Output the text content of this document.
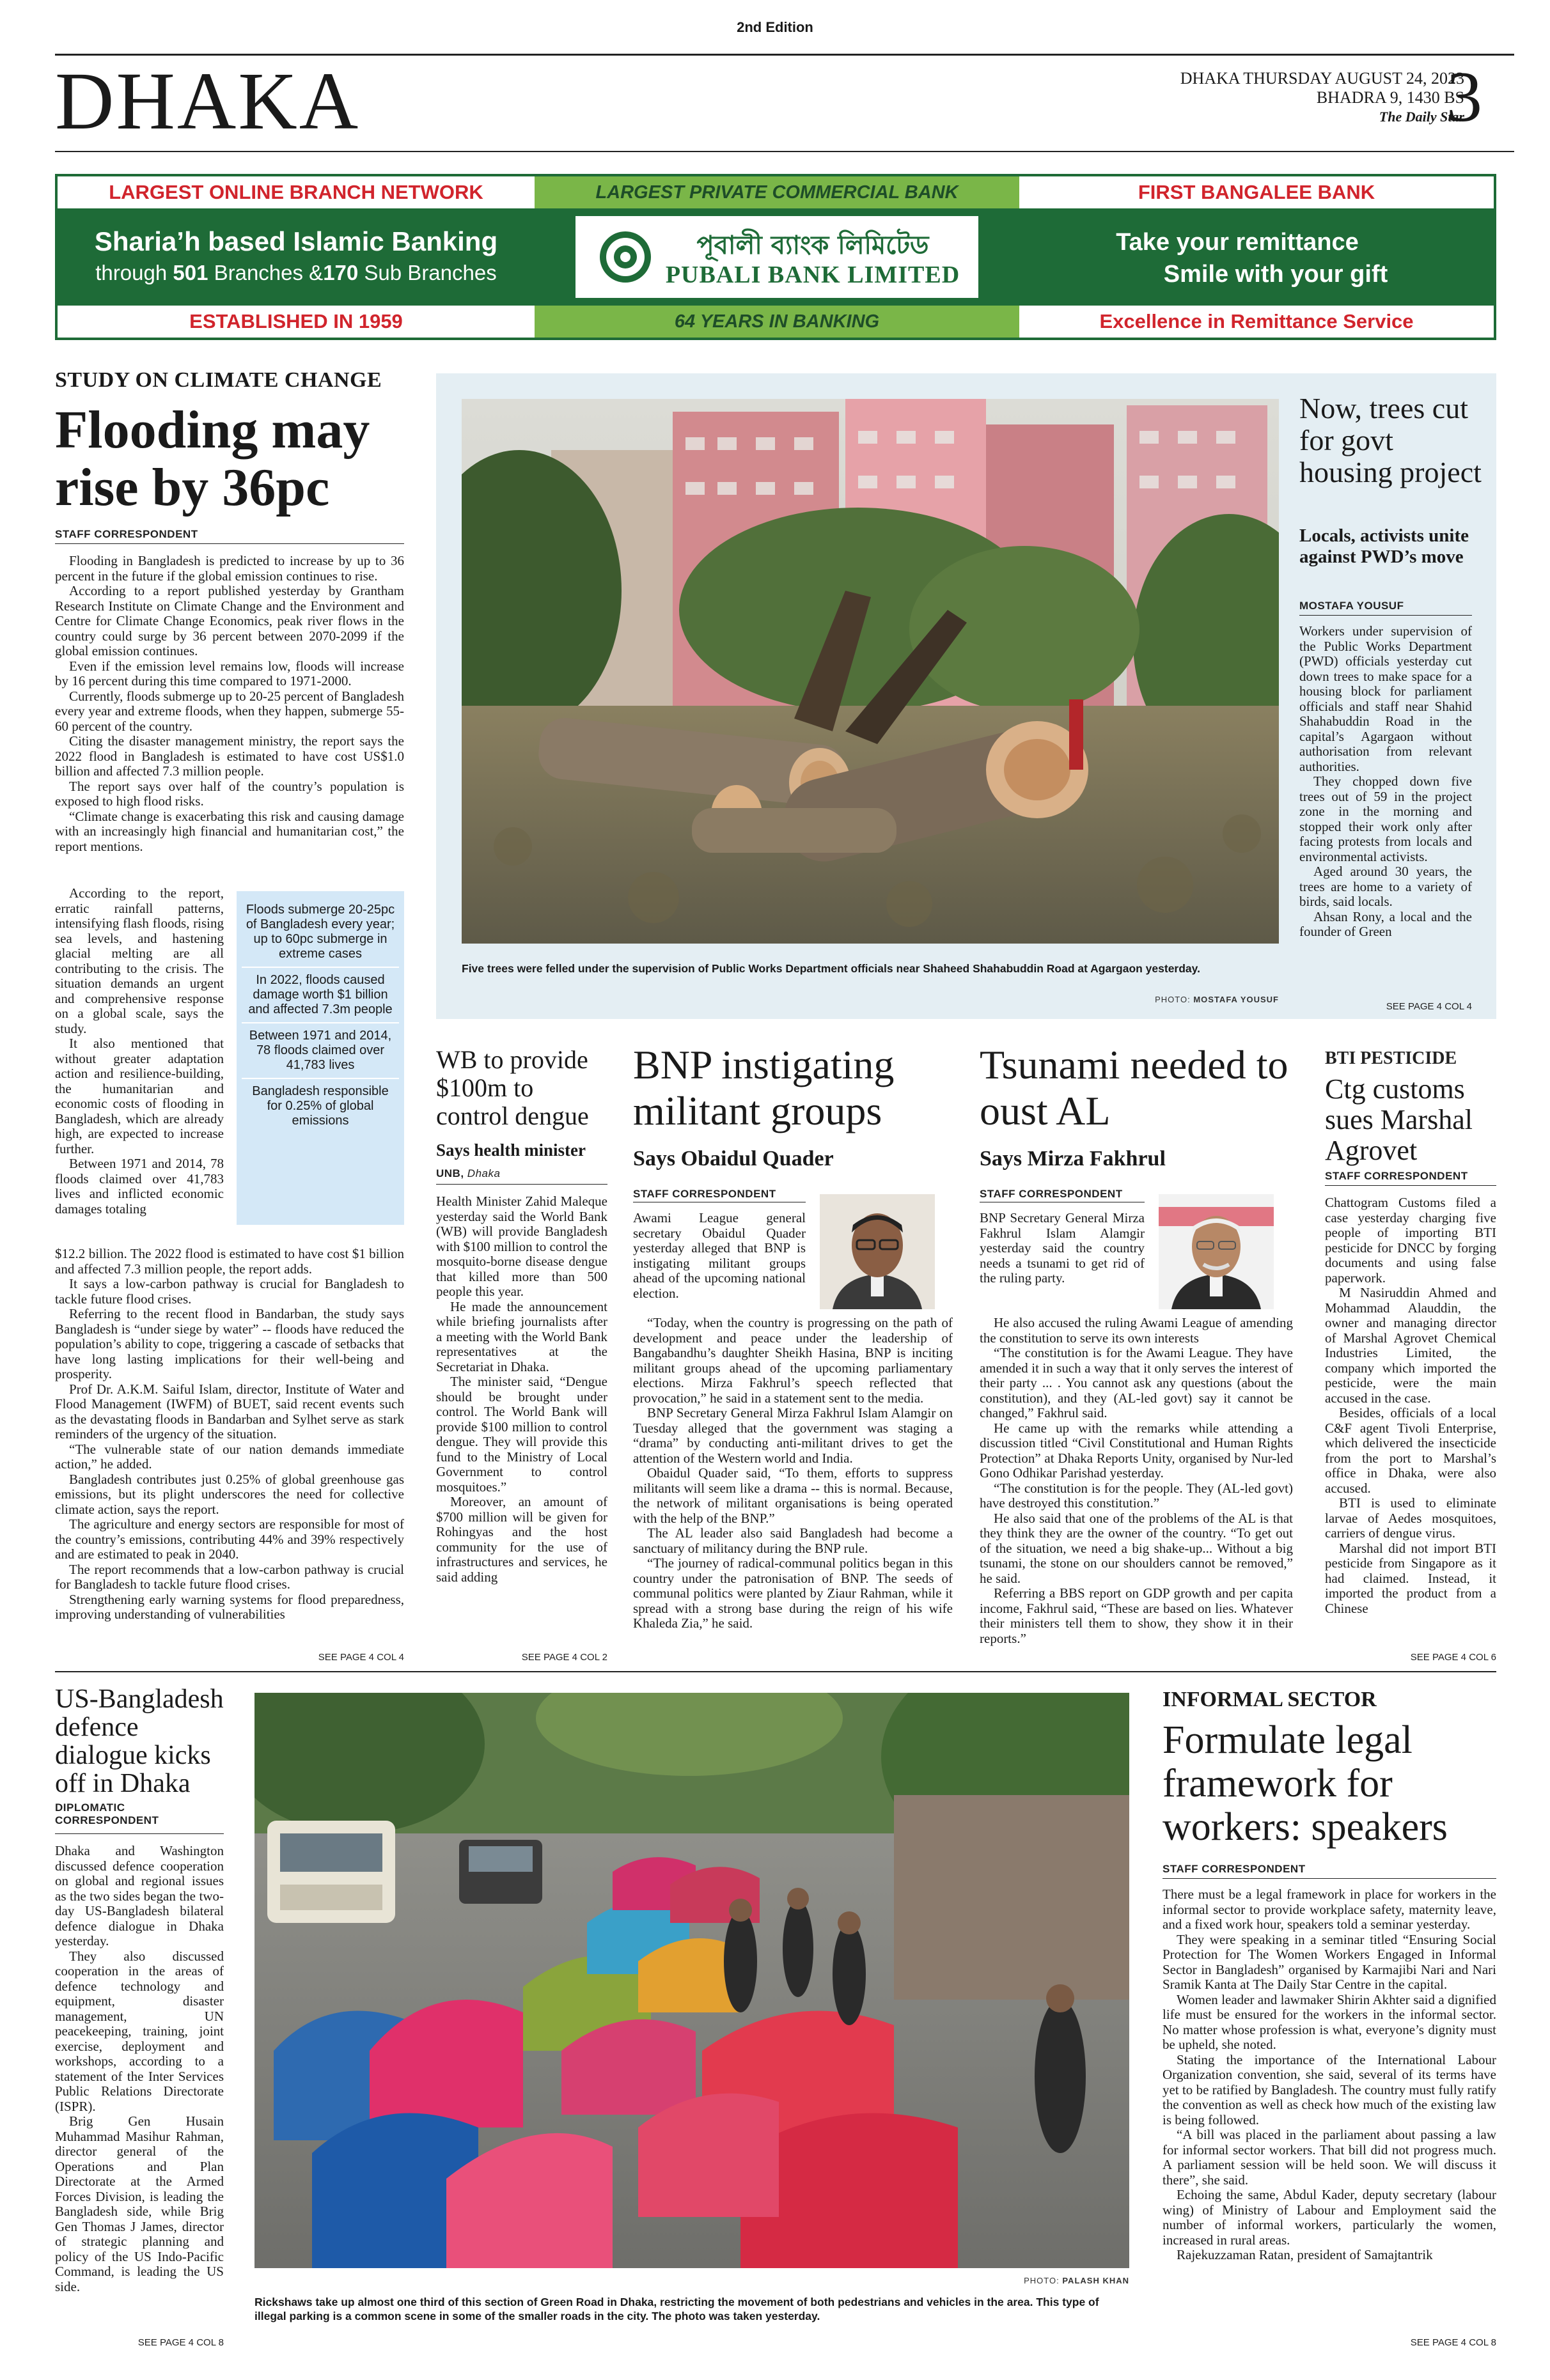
2nd Edition
DHAKA	DHAKA THURSDAY AUGUST 24, 2023
BHADRA 9, 1430 BS
The Daily Star
3
LARGEST ONLINE BRANCH NETWORK	LARGEST PRIVATE COMMERCIAL BANK	FIRST BANGALEE BANK
Sharia’h based Islamic Banking
through 501 Branches &170 Sub Branches
পূবালী ব্যাংক লিমিটেড
PUBALI BANK LIMITED
Take your remittance
Smile with your gift
ESTABLISHED IN 1959	64 YEARS IN BANKING	Excellence in Remittance Service
STUDY ON CLIMATE CHANGE
Flooding may rise by 36pc
STAFF CORRESPONDENT

Flooding in Bangladesh is predicted to increase by up to 36 percent in the future if the global emission continues to rise.

According to a report published yesterday by Grantham Research Institute on Climate Change and the Environment and Centre for Climate Change Economics, peak river flows in the country could surge by 36 percent between 2070-2099 if the global emission continues.

Even if the emission level remains low, floods will increase by 16 percent during this time compared to 1971-2000.

Currently, floods submerge up to 20-25 percent of Bangladesh every year and extreme floods, when they happen, submerge 55-60 percent of the country.

Citing the disaster management ministry, the report says the 2022 flood in Bangladesh is estimated to have cost US$1.0 billion and affected 7.3 million people.

The report says over half of the country’s population is exposed to high flood risks.

“Climate change is exacerbating this risk and causing damage with an increasingly high financial and humanitarian cost,” the report mentions.

According to the report, erratic rainfall patterns, intensifying flash floods, rising sea levels, and hastening glacial melting are all contributing to the crisis. The situation demands an urgent and comprehensive response on a global scale, says the study.

It also mentioned that without greater adaptation action and resilience-building, the humanitarian and economic costs of flooding in Bangladesh, which are already high, are expected to increase further.

Between 1971 and 2014, 78 floods claimed over 41,783 lives and inflicted economic damages totaling

Floods submerge 20-25pc of Bangladesh every year; up to 60pc submerge in extreme cases
In 2022, floods caused damage worth $1 billion and affected 7.3m people
Between 1971 and 2014, 78 floods claimed over 41,783 lives
Bangladesh responsible for 0.25% of global emissions

$12.2 billion. The 2022 flood is estimated to have cost $1 billion and affected 7.3 million people, the report adds.

It says a low-carbon pathway is crucial for Bangladesh to tackle future flood crises.

Referring to the recent flood in Bandarban, the study says Bangladesh is “under siege by water” -- floods have reduced the population’s ability to cope, triggering a cascade of setbacks that have long lasting implications for their well-being and prosperity.

Prof Dr. A.K.M. Saiful Islam, director, Institute of Water and Flood Management (IWFM) of BUET, said recent events such as the devastating floods in Bandarban and Sylhet serve as stark reminders of the urgency of the situation.

“The vulnerable state of our nation demands immediate action,” he added.

Bangladesh contributes just 0.25% of global greenhouse gas emissions, but its plight underscores the need for collective climate action, says the report.

The agriculture and energy sectors are responsible for most of the country’s emissions, contributing 44% and 39% respectively and are estimated to peak in 2040.

The report recommends that a low-carbon pathway is crucial for Bangladesh to tackle future flood crises.

Strengthening early warning systems for flood preparedness, improving understanding of vulnerabilities

SEE PAGE 4 COL 4
Five trees were felled under the supervision of Public Works Department officials near Shaheed Shahabuddin Road at Agargaon yesterday.
PHOTO: MOSTAFA YOUSUF
Now, trees cut for govt housing project
Locals, activists unite against PWD’s move
MOSTAFA YOUSUF

Workers under supervision of the Public Works Department (PWD) officials yesterday cut down trees to make space for a housing block for parliament officials and staff near Shahid Shahabuddin Road in the capital’s Agargaon without authorisation from relevant authorities.

They chopped down five trees out of 59 in the project zone in the morning and stopped their work only after facing protests from locals and environmental activists.

Aged around 30 years, the trees are home to a variety of birds, said locals.

Ahsan Rony, a local and the founder of Green

SEE PAGE 4 COL 4
WB to provide $100m to control dengue
Says health minister
UNB, Dhaka

Health Minister Zahid Maleque yesterday said the World Bank (WB) will provide Bangladesh with $100 million to control the mosquito-borne disease dengue that killed more than 500 people this year.

He made the announcement while briefing journalists after a meeting with the World Bank representatives at the Secretariat in Dhaka.

The minister said, “Dengue should be brought under control. The World Bank will provide $100 million to control dengue. They will provide this fund to the Ministry of Local Government to control mosquitoes.”

Moreover, an amount of $700 million will be given for Rohingyas and the host community for the use of infrastructures and services, he said adding

SEE PAGE 4 COL 2
BNP instigating militant groups
Says Obaidul Quader
STAFF CORRESPONDENT

Awami League general secretary Obaidul Quader yesterday alleged that BNP is instigating militant groups ahead of the upcoming national election.

“Today, when the country is progressing on the path of development and peace under the leadership of Bangabandhu’s daughter Sheikh Hasina, BNP is inciting militant groups ahead of the upcoming parliamentary elections. Mirza Fakhrul’s speech reflected that provocation,” he said in a statement sent to the media.

BNP Secretary General Mirza Fakhrul Islam Alamgir on Tuesday alleged that the government was staging a “drama” by conducting anti-militant drives to get the attention of the Western world and India.

Obaidul Quader said, “To them, efforts to suppress militants will seem like a drama -- this is normal. Because, the network of militant organisations is being operated with the help of the BNP.”

The AL leader also said Bangladesh had become a sanctuary of militancy during the BNP rule.

“The journey of radical-communal politics began in this country under the patronisation of BNP. The seeds of communal politics were planted by Ziaur Rahman, while it spread with a strong base during the reign of his wife Khaleda Zia,” he said.

Tsunami needed to oust AL
Says Mirza Fakhrul
STAFF CORRESPONDENT

BNP Secretary General Mirza Fakhrul Islam Alamgir yesterday said the country needs a tsunami to get rid of the ruling party.

He also accused the ruling Awami League of amending the constitution to serve its own interests

“The constitution is for the Awami League. They have amended it in such a way that it only serves the interest of their party ... . You cannot ask any questions (about the constitution), and they (AL-led govt) say it cannot be changed,” Fakhrul said.

He came up with the remarks while attending a discussion titled “Civil Constitutional and Human Rights Protection” at Dhaka Reports Unity, organised by Nur-led Gono Odhikar Parishad yesterday.

“The constitution is for the people. They (AL-led govt) have destroyed this constitution.”

He also said that one of the problems of the AL is that they think they are the owner of the country. “To get out of the situation, we need a big shake-up... Without a big tsunami, the stone on our shoulders cannot be removed,” he said.

Referring a BBS report on GDP growth and per capita income, Fakhrul said, “These are based on lies. Whatever their ministers tell them to show, they show it in their reports.”

BTI PESTICIDE
Ctg customs sues Marshal Agrovet
STAFF CORRESPONDENT

Chattogram Customs filed a case yesterday charging five people of importing BTI pesticide for DNCC by forging documents and using false paperwork.

M Nasiruddin Ahmed and Mohammad Alauddin, the owner and managing director of Marshal Agrovet Chemical Industries Limited, the company which imported the pesticide, were the main accused in the case.

Besides, officials of a local C&F agent Tivoli Enterprise, which delivered the insecticide from the port to Marshal’s office in Dhaka, were also accused.

BTI is used to eliminate larvae of Aedes mosquitoes, carriers of dengue virus.

Marshal did not import BTI pesticide from Singapore as it had claimed. Instead, it imported the product from a Chinese

SEE PAGE 4 COL 6
US-Bangladesh defence dialogue kicks off in Dhaka
DIPLOMATIC CORRESPONDENT

Dhaka and Washington discussed defence cooperation on global and regional issues as the two sides began the two-day US-Bangladesh bilateral defence dialogue in Dhaka yesterday.

They also discussed cooperation in the areas of defence technology and equipment, disaster management, UN peacekeeping, training, joint exercise, deployment and workshops, according to a statement of the Inter Services Public Relations Directorate (ISPR).

Brig Gen Husain Muhammad Masihur Rahman, director general of the Operations and Plan Directorate at the Armed Forces Division, is leading the Bangladesh side, while Brig Gen Thomas J James, director of strategic planning and policy of the US Indo-Pacific Command, is leading the US side.

SEE PAGE 4 COL 8
Rickshaws take up almost one third of this section of Green Road in Dhaka, restricting the movement of both pedestrians and vehicles in the area. This type of illegal parking is a common scene in some of the smaller roads in the city. The photo was taken yesterday.
PHOTO: PALASH KHAN
INFORMAL SECTOR
Formulate legal framework for workers: speakers
STAFF CORRESPONDENT

There must be a legal framework in place for workers in the informal sector to provide workplace safety, maternity leave, and a fixed work hour, speakers told a seminar yesterday.

They were speaking in a seminar titled “Ensuring Social Protection for The Women Workers Engaged in Informal Sector in Bangladesh” organised by Karmajibi Nari and Nari Sramik Kanta at The Daily Star Centre in the capital.

Women leader and lawmaker Shirin Akhter said a dignified life must be ensured for the workers in the informal sector. No matter whose profession is what, everyone’s dignity must be upheld, she noted.

Stating the importance of the International Labour Organization convention, she said, several of its terms have yet to be ratified by Bangladesh. The country must fully ratify the convention as well as check how much of the existing law is being followed.

“A bill was placed in the parliament about passing a law for informal sector workers. That bill did not progress much. A parliament session will be held soon. We will discuss it there”, she said.

Echoing the same, Abdul Kader, deputy secretary (labour wing) of Ministry of Labour and Employment said the number of informal workers, particularly the women, increased in rural areas.

Rajekuzzaman Ratan, president of Samajtantrik

SEE PAGE 4 COL 8
